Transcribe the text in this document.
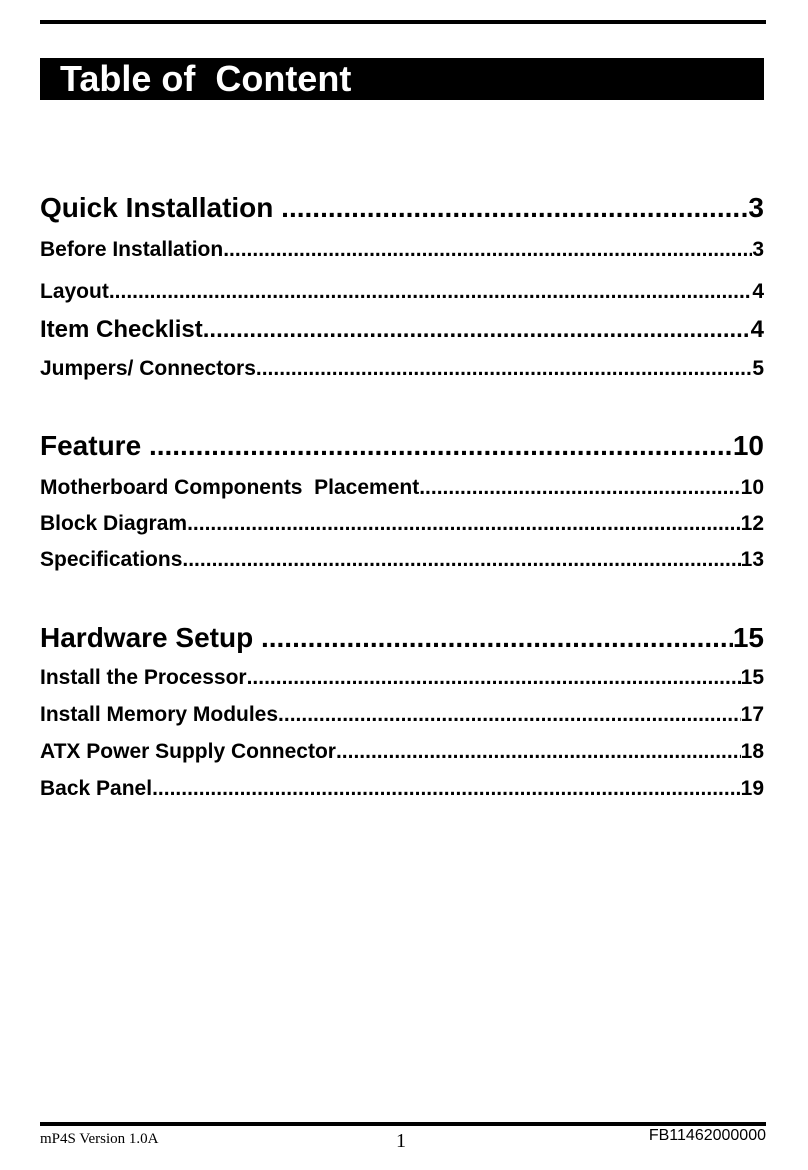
Table of  Content
Quick Installation .....	.3
Before Installation .....	3
Layout .....	4
Item Checklist .....	4
Jumpers/ Connectors .....	5
Feature .....	10
Motherboard Components  Placement .....	10
Block Diagram .....	12
Specifications .....	13
Hardware Setup .....	15
Install the Processor .....	15
Install Memory Modules .....	17
ATX Power Supply Connector .....	18
Back Panel .....	19
mP4S Version 1.0A	1	FB11462000000
